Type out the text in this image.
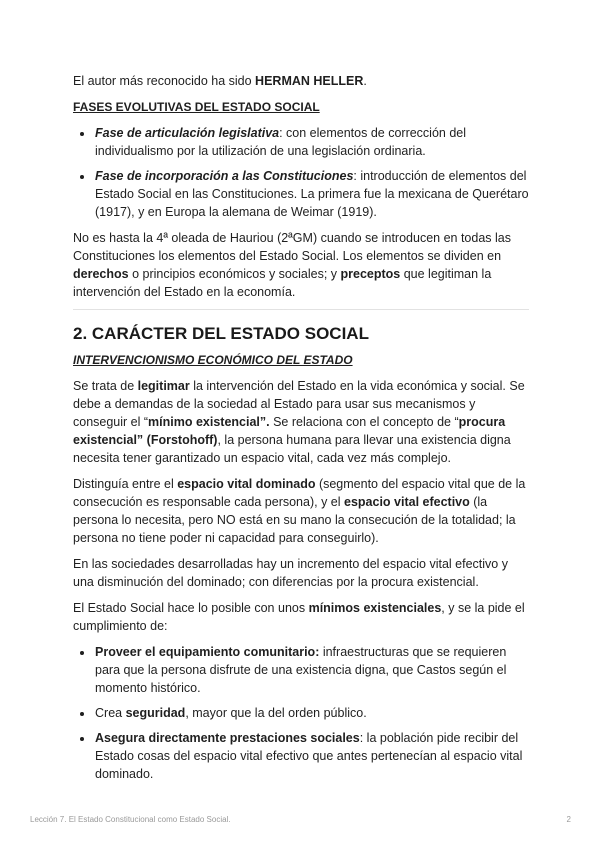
El autor más reconocido ha sido HERMAN HELLER.

FASES EVOLUTIVAS DEL ESTADO SOCIAL
• Fase de articulación legislativa: con elementos de corrección del individualismo por la utilización de una legislación ordinaria.
• Fase de incorporación a las Constituciones: introducción de elementos del Estado Social en las Constituciones. La primera fue la mexicana de Querétaro (1917), y en Europa la alemana de Weimar (1919).

No es hasta la 4ª oleada de Hauriou (2ªGM) cuando se introducen en todas las Constituciones los elementos del Estado Social. Los elementos se dividen en derechos o principios económicos y sociales; y preceptos que legitiman la intervención del Estado en la economía.

2. CARÁCTER DEL ESTADO SOCIAL
INTERVENCIONISMO ECONÓMICO DEL ESTADO

Se trata de legitimar la intervención del Estado en la vida económica y social. Se debe a demandas de la sociedad al Estado para usar sus mecanismos y conseguir el “mínimo existencial”. Se relaciona con el concepto de “procura existencial” (Forstohoff), la persona humana para llevar una existencia digna necesita tener garantizado un espacio vital, cada vez más complejo.

Distinguía entre el espacio vital dominado (segmento del espacio vital que de la consecución es responsable cada persona), y el espacio vital efectivo (la persona lo necesita, pero NO está en su mano la consecución de la totalidad; la persona no tiene poder ni capacidad para conseguirlo).

En las sociedades desarrolladas hay un incremento del espacio vital efectivo y una disminución del dominado; con diferencias por la procura existencial.

El Estado Social hace lo posible con unos mínimos existenciales, y se la pide el cumplimiento de:

• Proveer el equipamiento comunitario: infraestructuras que se requieren para que la persona disfrute de una existencia digna, que Castos según el momento histórico.
• Crea seguridad, mayor que la del orden público.
• Asegura directamente prestaciones sociales: la población pide recibir del Estado cosas del espacio vital efectivo que antes pertenecían al espacio vital dominado.
Lección 7. El Estado Constitucional como Estado Social.	2
